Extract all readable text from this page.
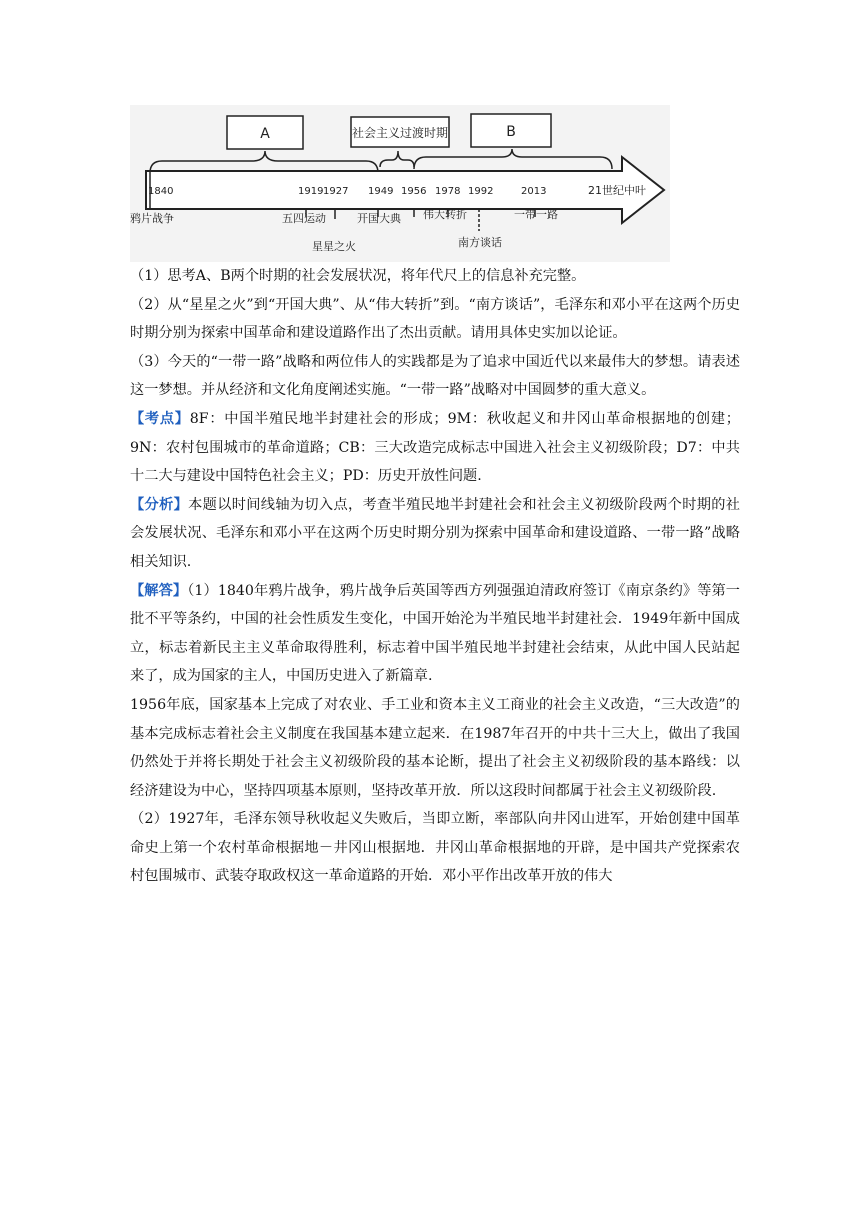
A	社会主义过渡时期	B
1840	1919 1927 1949 1956 1978 1992	2013	21世纪中叶
鸦片战争	五四运动
星星之火
开国大典 伟大转折
南方谈话
一带一路

（1）思考A、B两个时期的社会发展状况，将年代尺上的信息补充完整。

（2）从“星星之火”到“开国大典”、从“伟大转折”到。“南方谈话”，毛泽东和邓小平在这两个历史时期分别为探索中国革命和建设道路作出了杰出贡献。请用具体史实加以论证。

（3）今天的“一带一路”战略和两位伟人的实践都是为了追求中国近代以来最伟大的梦想。请表述这一梦想。并从经济和文化角度阐述实施。“一带一路”战略对中国圆梦的重大意义。

【考点】8F：中国半殖民地半封建社会的形成；9M：秋收起义和井冈山革命根据地的创建；9N：农村包围城市的革命道路；CB：三大改造完成标志中国进入社会主义初级阶段；D7：中共十二大与建设中国特色社会主义；PD：历史开放性问题.

【分析】本题以时间线轴为切入点，考查半殖民地半封建社会和社会主义初级阶段两个时期的社会发展状况、毛泽东和邓小平在这两个历史时期分别为探索中国革命和建设道路、一带一路”战略相关知识.

【解答】（1）1840年鸦片战争，鸦片战争后英国等西方列强强迫清政府签订《南京条约》等第一批不平等条约，中国的社会性质发生变化，中国开始沦为半殖民地半封建社会．1949年新中国成立，标志着新民主主义革命取得胜利，标志着中国半殖民地半封建社会结束，从此中国人民站起来了，成为国家的主人，中国历史进入了新篇章.

1956年底，国家基本上完成了对农业、手工业和资本主义工商业的社会主义改造，“三大改造”的基本完成标志着社会主义制度在我国基本建立起来．在1987年召开的中共十三大上，做出了我国仍然处于并将长期处于社会主义初级阶段的基本论断，提出了社会主义初级阶段的基本路线：以经济建设为中心，坚持四项基本原则，坚持改革开放．所以这段时间都属于社会主义初级阶段.

（2）1927年，毛泽东领导秋收起义失败后，当即立断，率部队向井冈山进军，开始创建中国革命史上第一个农村革命根据地－井冈山根据地．井冈山革命根据地的开辟，是中国共产党探索农村包围城市、武装夺取政权这一革命道路的开始．邓小平作出改革开放的伟大
